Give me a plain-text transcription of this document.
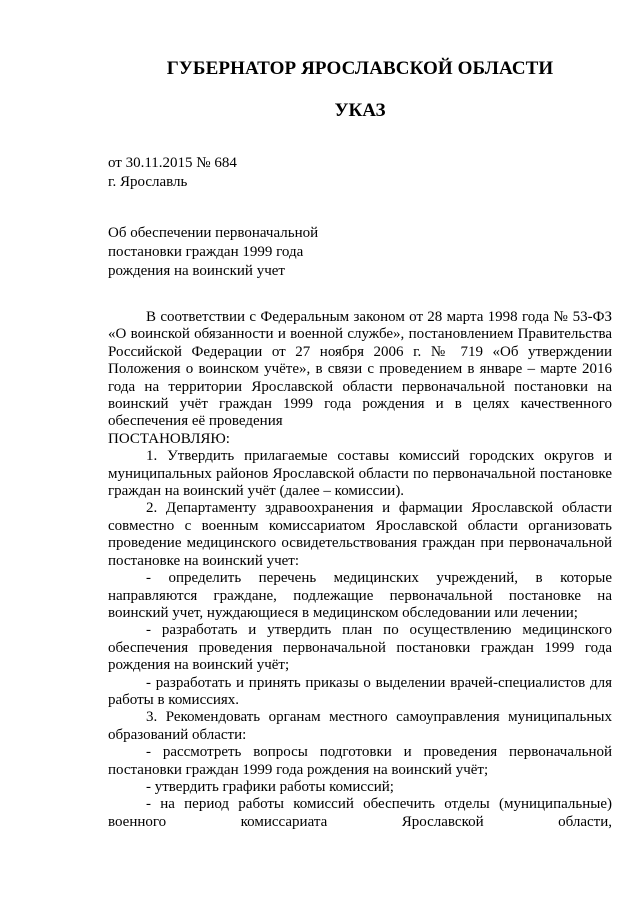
ГУБЕРНАТОР ЯРОСЛАВСКОЙ ОБЛАСТИ
УКАЗ
от 30.11.2015 № 684
г. Ярославль
Об обеспечении первоначальной
постановки граждан 1999 года
рождения на воинский учет

В соответствии с Федеральным законом от 28 марта 1998 года № 53-ФЗ «О воинской обязанности и военной службе», постановлением Правительства Российской Федерации от 27 ноября 2006 г. № 719 «Об утверждении Положения о воинском учёте», в связи с проведением в январе – марте 2016 года на территории Ярославской области первоначальной постановки на воинский учёт граждан 1999 года рождения и в целях качественного обеспечения её проведения

ПОСТАНОВЛЯЮ:

1. Утвердить прилагаемые составы комиссий городских округов и муниципальных районов Ярославской области по первоначальной постановке граждан на воинский учёт (далее – комиссии).

2. Департаменту здравоохранения и фармации Ярославской области совместно с военным комиссариатом Ярославской области организовать проведение медицинского освидетельствования граждан при первоначальной постановке на воинский учет:

- определить перечень медицинских учреждений, в которые направляются граждане, подлежащие первоначальной постановке на воинский учет, нуждающиеся в медицинском обследовании или лечении;

- разработать и утвердить план по осуществлению медицинского обеспечения проведения первоначальной постановки граждан 1999 года рождения на воинский учёт;

- разработать и принять приказы о выделении врачей-специалистов для работы в комиссиях.

3. Рекомендовать органам местного самоуправления муниципальных образований области:

- рассмотреть вопросы подготовки и проведения первоначальной постановки граждан 1999 года рождения на воинский учёт;

- утвердить графики работы комиссий;

- на период работы комиссий обеспечить отделы (муниципальные) военного комиссариата Ярославской области,
